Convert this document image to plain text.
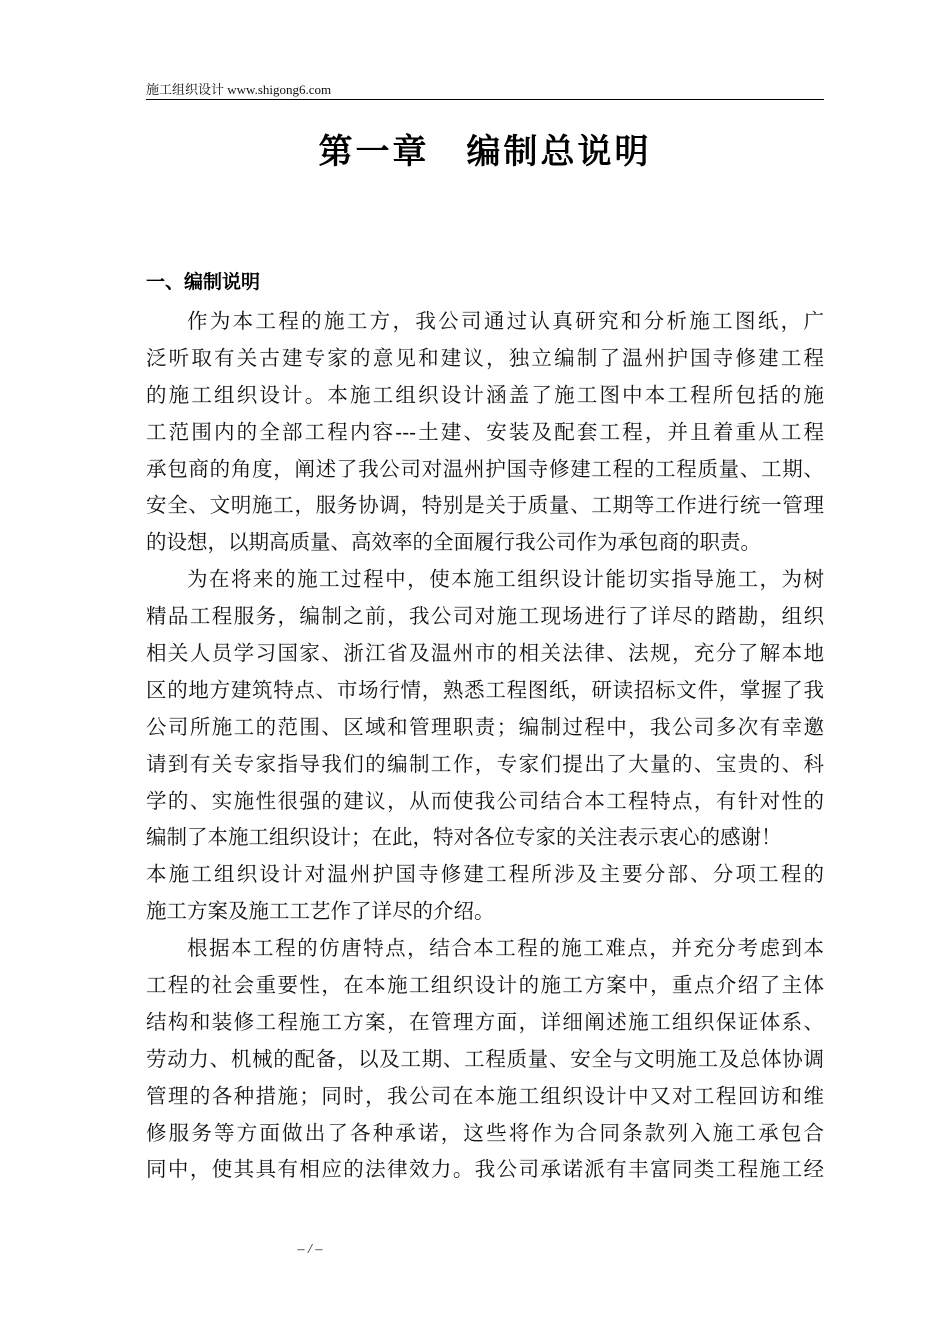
施工组织设计 www.shigong6.com
第一章　编制总说明
一、编制说明
作为本工程的施工方，我公司通过认真研究和分析施工图纸，广
泛听取有关古建专家的意见和建议，独立编制了温州护国寺修建工程
的施工组织设计。本施工组织设计涵盖了施工图中本工程所包括的施
工范围内的全部工程内容---土建、安装及配套工程，并且着重从工程
承包商的角度，阐述了我公司对温州护国寺修建工程的工程质量、工期、
安全、文明施工，服务协调，特别是关于质量、工期等工作进行统一管理
的设想，以期高质量、高效率的全面履行我公司作为承包商的职责。
为在将来的施工过程中，使本施工组织设计能切实指导施工，为树
精品工程服务，编制之前，我公司对施工现场进行了详尽的踏勘，组织
相关人员学习国家、浙江省及温州市的相关法律、法规，充分了解本地
区的地方建筑特点、市场行情，熟悉工程图纸，研读招标文件，掌握了我
公司所施工的范围、区域和管理职责；编制过程中，我公司多次有幸邀
请到有关专家指导我们的编制工作，专家们提出了大量的、宝贵的、科
学的、实施性很强的建议，从而使我公司结合本工程特点，有针对性的
编制了本施工组织设计；在此，特对各位专家的关注表示衷心的感谢！
本施工组织设计对温州护国寺修建工程所涉及主要分部、分项工程的
施工方案及施工工艺作了详尽的介绍。
根据本工程的仿唐特点，结合本工程的施工难点，并充分考虑到本
工程的社会重要性，在本施工组织设计的施工方案中，重点介绍了主体
结构和装修工程施工方案，在管理方面，详细阐述施工组织保证体系、
劳动力、机械的配备，以及工期、工程质量、安全与文明施工及总体协调
管理的各种措施；同时，我公司在本施工组织设计中又对工程回访和维
修服务等方面做出了各种承诺，这些将作为合同条款列入施工承包合
同中，使其具有相应的法律效力。我公司承诺派有丰富同类工程施工经
– / –
